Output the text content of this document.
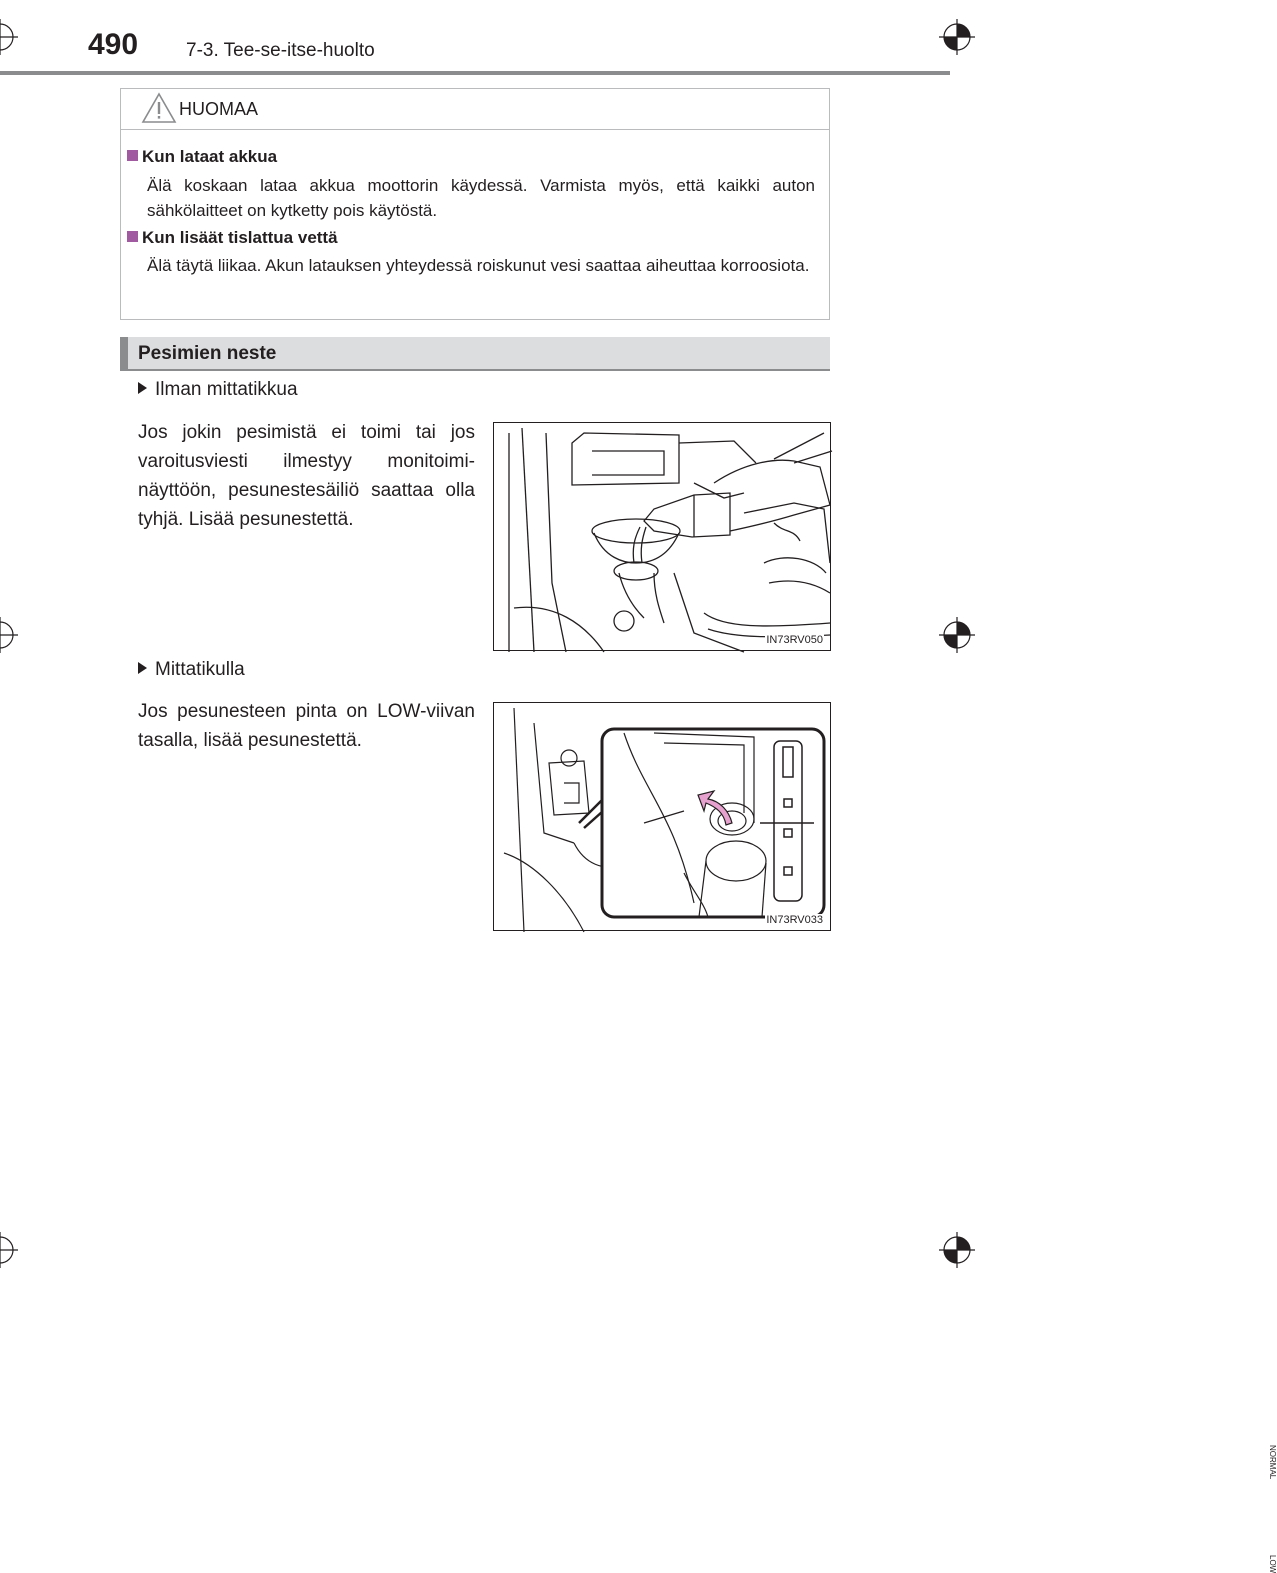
490	7-3. Tee-se-itse-huolto
HUOMAA
Kun lataat akkua
Älä koskaan lataa akkua moottorin käydessä. Varmista myös, että kaikki auton sähkölaitteet on kytketty pois käytöstä.
Kun lisäät tislattua vettä
Älä täytä liikaa. Akun latauksen yhteydessä roiskunut vesi saattaa aiheuttaa korroosiota.
Pesimien neste
Ilman mittatikkua
Jos jokin pesimistä ei toimi tai jos varoitusviesti ilmestyy monitoimi-näyttöön, pesunestesäiliö saattaa olla tyhjä. Lisää pesunestettä.
IN73RV050
Mittatikulla
Jos pesunesteen pinta on LOW-viivan tasalla, lisää pesunestettä.
NORMAL
LOW
IN73RV033
